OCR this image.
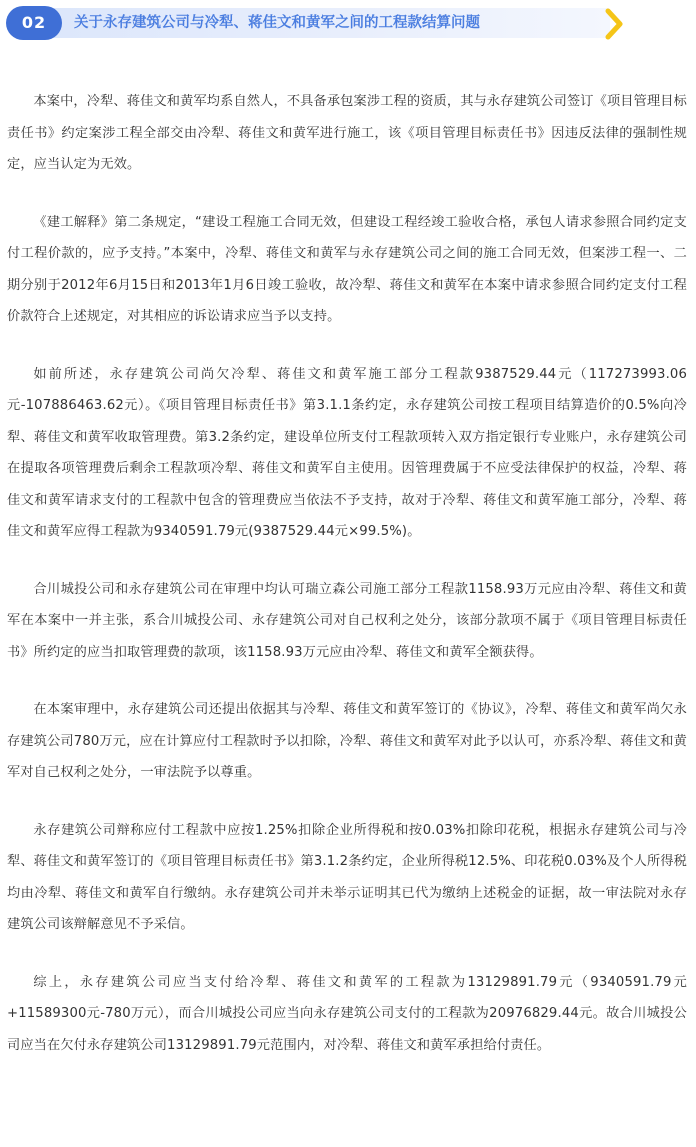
02	关于永存建筑公司与冷犁、蒋佳文和黄军之间的工程款结算问题

本案中，冷犁、蒋佳文和黄军均系自然人，不具备承包案涉工程的资质，其与永存建筑公司签订《项目管理目标责任书》约定案涉工程全部交由冷犁、蒋佳文和黄军进行施工，该《项目管理目标责任书》因违反法律的强制性规定，应当认定为无效。

《建工解释》第二条规定，“建设工程施工合同无效，但建设工程经竣工验收合格，承包人请求参照合同约定支付工程价款的，应予支持。”本案中，冷犁、蒋佳文和黄军与永存建筑公司之间的施工合同无效，但案涉工程一、二期分别于2012年6月15日和2013年1月6日竣工验收，故冷犁、蒋佳文和黄军在本案中请求参照合同约定支付工程价款符合上述规定，对其相应的诉讼请求应当予以支持。

如前所述，永存建筑公司尚欠冷犁、蒋佳文和黄军施工部分工程款9387529.44元（117273993.06元-107886463.62元）。《项目管理目标责任书》第3.1.1条约定，永存建筑公司按工程项目结算造价的0.5%向冷犁、蒋佳文和黄军收取管理费。第3.2条约定，建设单位所支付工程款项转入双方指定银行专业账户，永存建筑公司在提取各项管理费后剩余工程款项冷犁、蒋佳文和黄军自主使用。因管理费属于不应受法律保护的权益，冷犁、蒋佳文和黄军请求支付的工程款中包含的管理费应当依法不予支持，故对于冷犁、蒋佳文和黄军施工部分，冷犁、蒋佳文和黄军应得工程款为9340591.79元(9387529.44元×99.5%)。

合川城投公司和永存建筑公司在审理中均认可瑞立森公司施工部分工程款1158.93万元应由冷犁、蒋佳文和黄军在本案中一并主张，系合川城投公司、永存建筑公司对自己权利之处分，该部分款项不属于《项目管理目标责任书》所约定的应当扣取管理费的款项，该1158.93万元应由冷犁、蒋佳文和黄军全额获得。

在本案审理中，永存建筑公司还提出依据其与冷犁、蒋佳文和黄军签订的《协议》，冷犁、蒋佳文和黄军尚欠永存建筑公司780万元，应在计算应付工程款时予以扣除，冷犁、蒋佳文和黄军对此予以认可，亦系冷犁、蒋佳文和黄军对自己权利之处分，一审法院予以尊重。

永存建筑公司辩称应付工程款中应按1.25%扣除企业所得税和按0.03%扣除印花税，根据永存建筑公司与冷犁、蒋佳文和黄军签订的《项目管理目标责任书》第3.1.2条约定，企业所得税12.5%、印花税0.03%及个人所得税均由冷犁、蒋佳文和黄军自行缴纳。永存建筑公司并未举示证明其已代为缴纳上述税金的证据，故一审法院对永存建筑公司该辩解意见不予采信。

综上，永存建筑公司应当支付给冷犁、蒋佳文和黄军的工程款为13129891.79元（9340591.79元+11589300元-780万元），而合川城投公司应当向永存建筑公司支付的工程款为20976829.44元。故合川城投公司应当在欠付永存建筑公司13129891.79元范围内，对冷犁、蒋佳文和黄军承担给付责任。
